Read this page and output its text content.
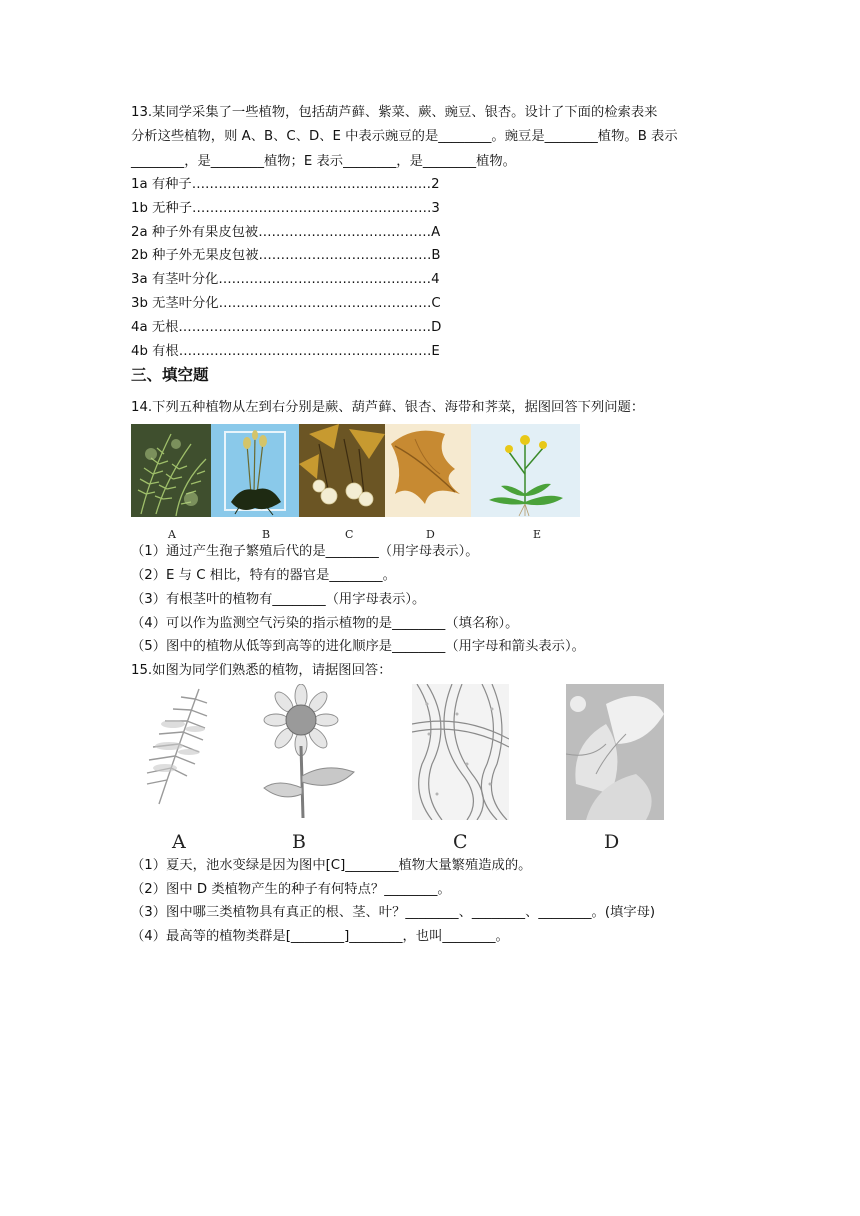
13.某同学采集了一些植物，包括葫芦藓、紫菜、蕨、豌豆、银杏。设计了下面的检索表来
分析这些植物，则 A、B、C、D、E 中表示豌豆的是________。豌豆是________植物。B 表示
________，是________植物；E 表示________，是________植物。
1a 有种子………………………………………………2
1b 无种子………………………………………………3
2a 种子外有果皮包被…………………………………A
2b 种子外无果皮包被…………………………………B
3a 有茎叶分化…………………………………………4
3b 无茎叶分化…………………………………………C
4a 无根…………………………………………………D
4b 有根…………………………………………………E
三、填空题
14.下列五种植物从左到右分别是蕨、葫芦藓、银杏、海带和荠菜，据图回答下列问题：
A	B	C	D	E
（1）通过产生孢子繁殖后代的是________（用字母表示）。
（2）E 与 C 相比，特有的器官是________。
（3）有根茎叶的植物有________（用字母表示）。
（4）可以作为监测空气污染的指示植物的是________（填名称）。
（5）图中的植物从低等到高等的进化顺序是________（用字母和箭头表示）。
15.如图为同学们熟悉的植物，请据图回答：
A	B	C	D
（1）夏天，池水变绿是因为图中[C]________植物大量繁殖造成的。
（2）图中 D 类植物产生的种子有何特点？________。
（3）图中哪三类植物具有真正的根、茎、叶？________、________、________。(填字母)
（4）最高等的植物类群是[________]________，也叫________。
